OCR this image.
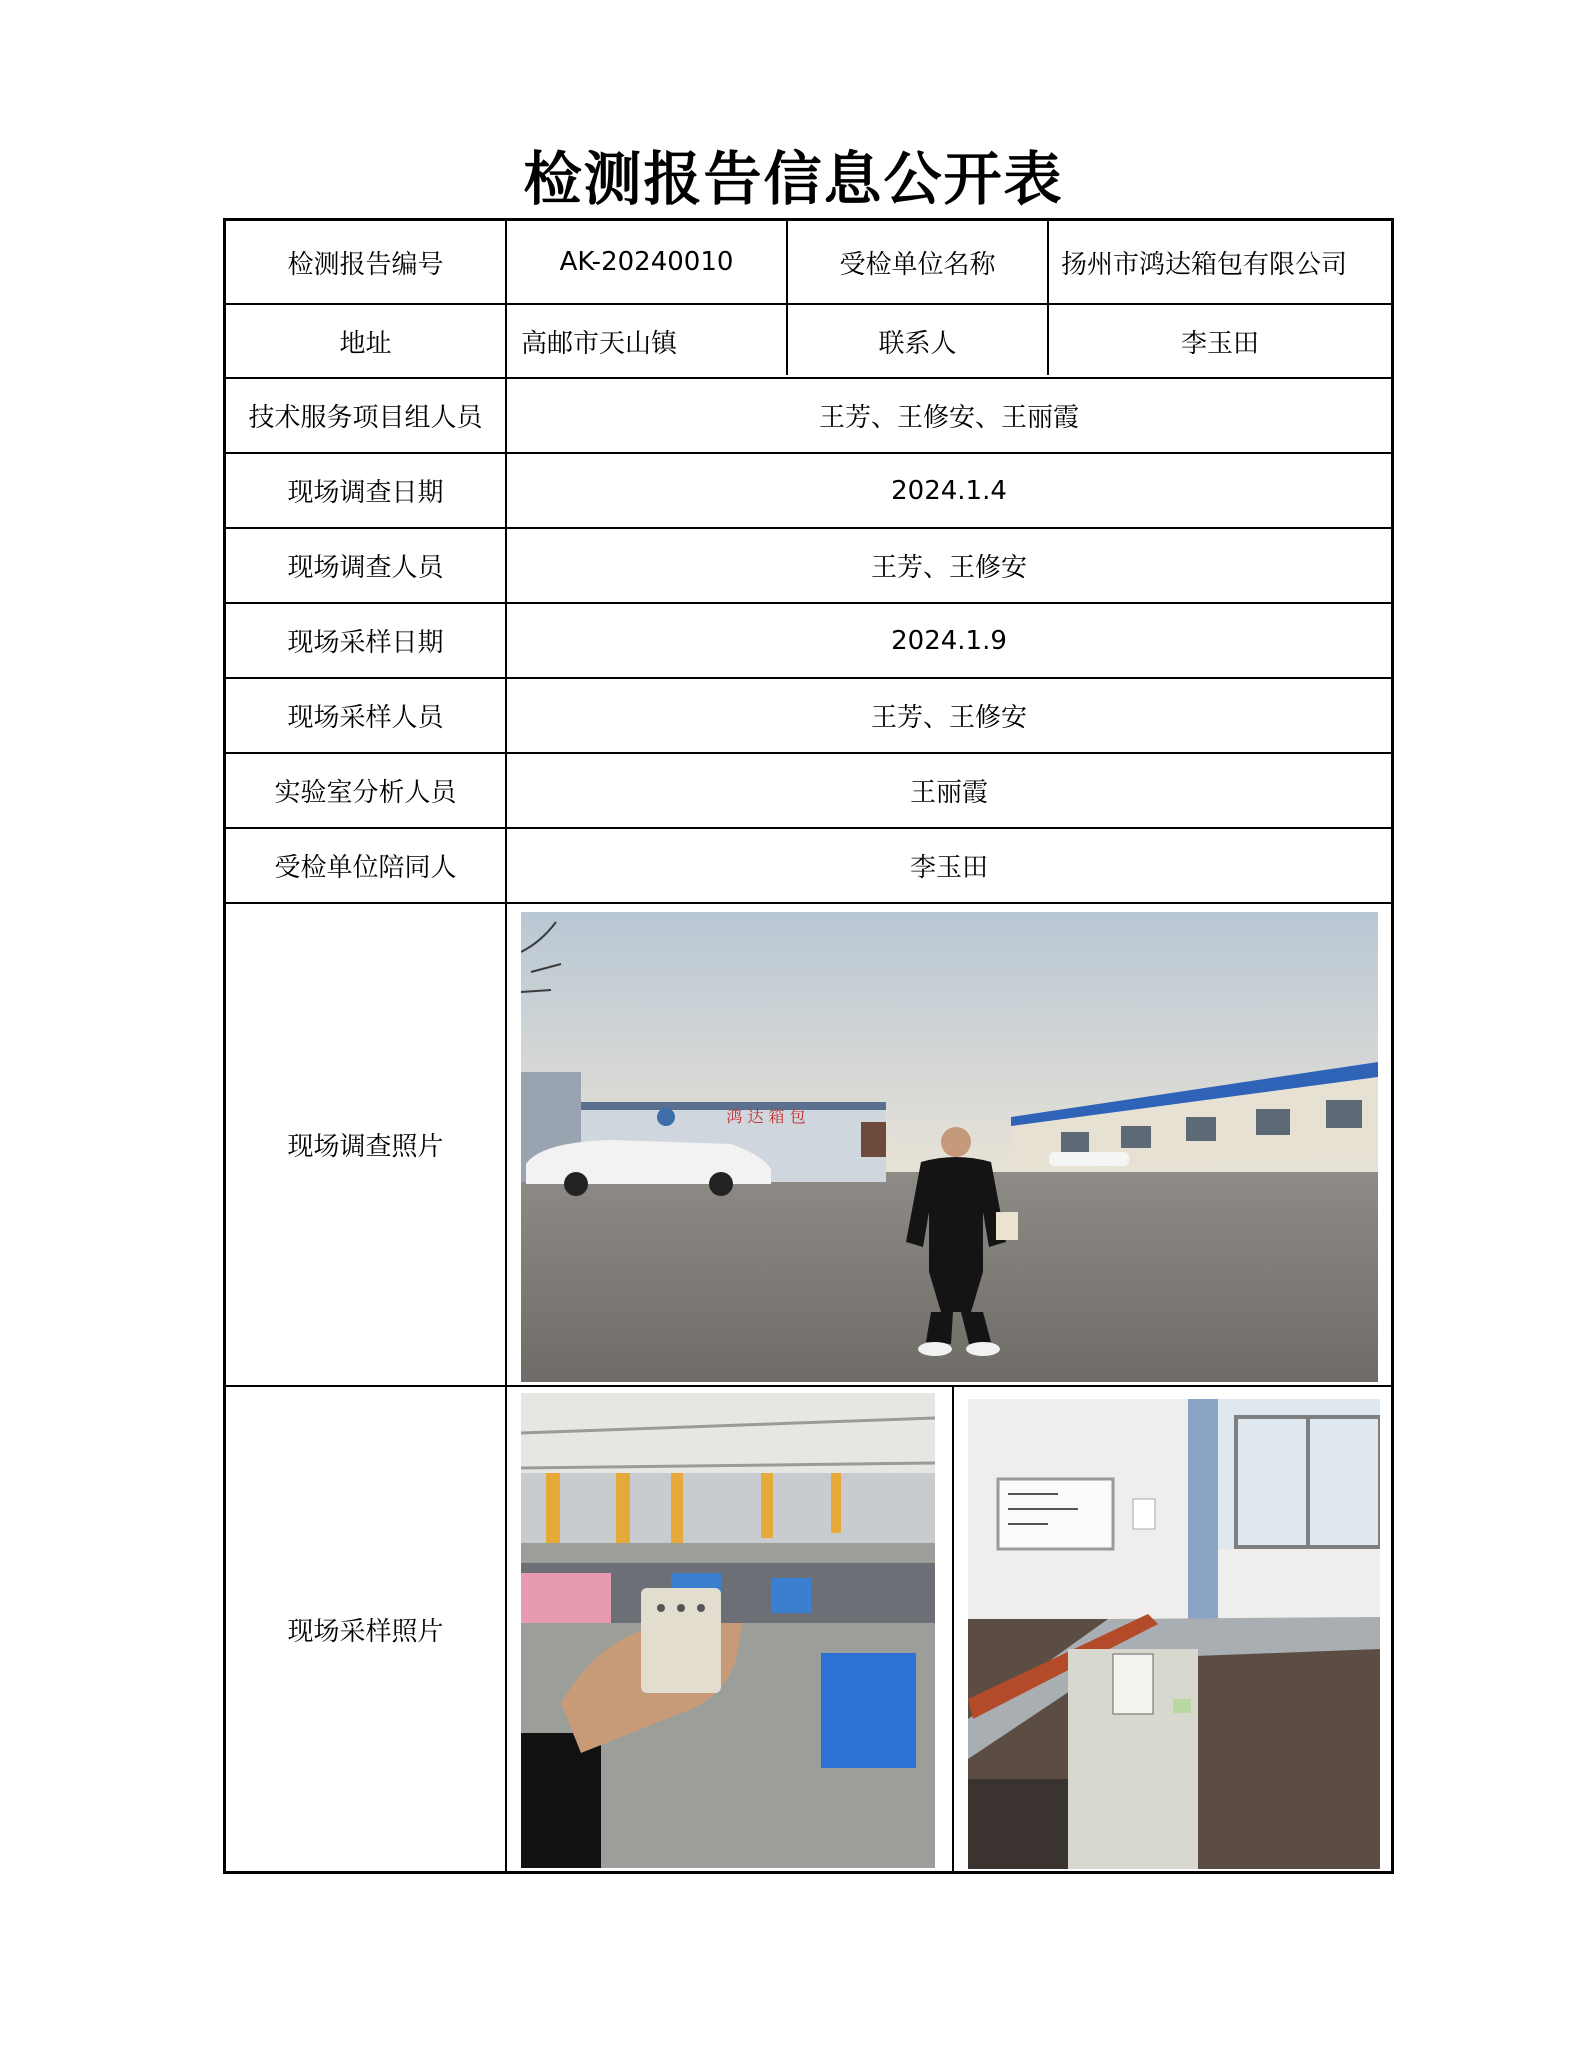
检测报告信息公开表
检测报告编号	AK-20240010	受检单位名称	扬州市鸿达箱包有限公司
地址	高邮市天山镇	联系人	李玉田
技术服务项目组人员	王芳、王修安、王丽霞
现场调查日期	2024.1.4
现场调查人员	王芳、王修安
现场采样日期	2024.1.9
现场采样人员	王芳、王修安
实验室分析人员	王丽霞
受检单位陪同人	李玉田
现场调查照片
鸿 达 箱 包
现场采样照片
